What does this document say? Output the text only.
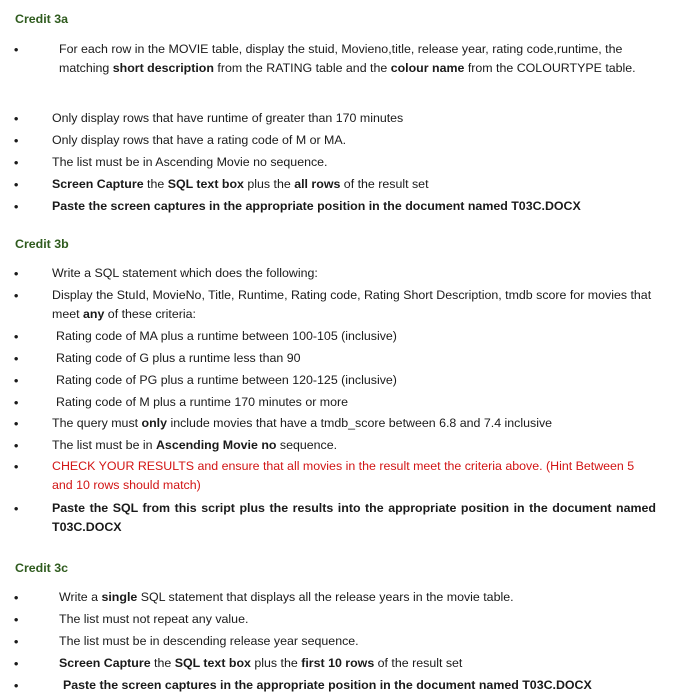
Credit 3a
•	For each row in the MOVIE table, display the stuid, Movieno,title, release year, rating code,runtime, the matching short description from the RATING table and the colour name from the COLOURTYPE table.
•	Only display rows that have runtime of greater than 170 minutes
•	Only display rows that have a rating code of M or MA.
•	The list must be in Ascending Movie no sequence.
•	Screen Capture the SQL text box plus the all rows of the result set
•	Paste the screen captures in the appropriate position in the document named T03C.DOCX
Credit 3b
•	Write a SQL statement which does the following:
•	Display the StuId, MovieNo, Title, Runtime, Rating code, Rating Short Description, tmdb score for movies that meet any of these criteria:
•	Rating code of MA plus a runtime between 100-105 (inclusive)
•	Rating code of G plus a runtime less than 90
•	Rating code of PG plus a runtime between 120-125 (inclusive)
•	Rating code of M plus a runtime 170 minutes or more
•	The query must only include movies that have a tmdb_score between 6.8 and 7.4 inclusive
•	The list must be in Ascending Movie no sequence.
•	CHECK YOUR RESULTS and ensure that all movies in the result meet the criteria above. (Hint Between 5 and 10 rows should match)
•	Paste the SQL from this script plus the results into the appropriate position in the document named T03C.DOCX
Credit 3c
•	Write a single SQL statement that displays all the release years in the movie table.
•	The list must not repeat any value.
•	The list must be in descending release year sequence.
•	Screen Capture the SQL text box plus the first 10 rows of the result set
•	Paste the screen captures in the appropriate position in the document named T03C.DOCX
